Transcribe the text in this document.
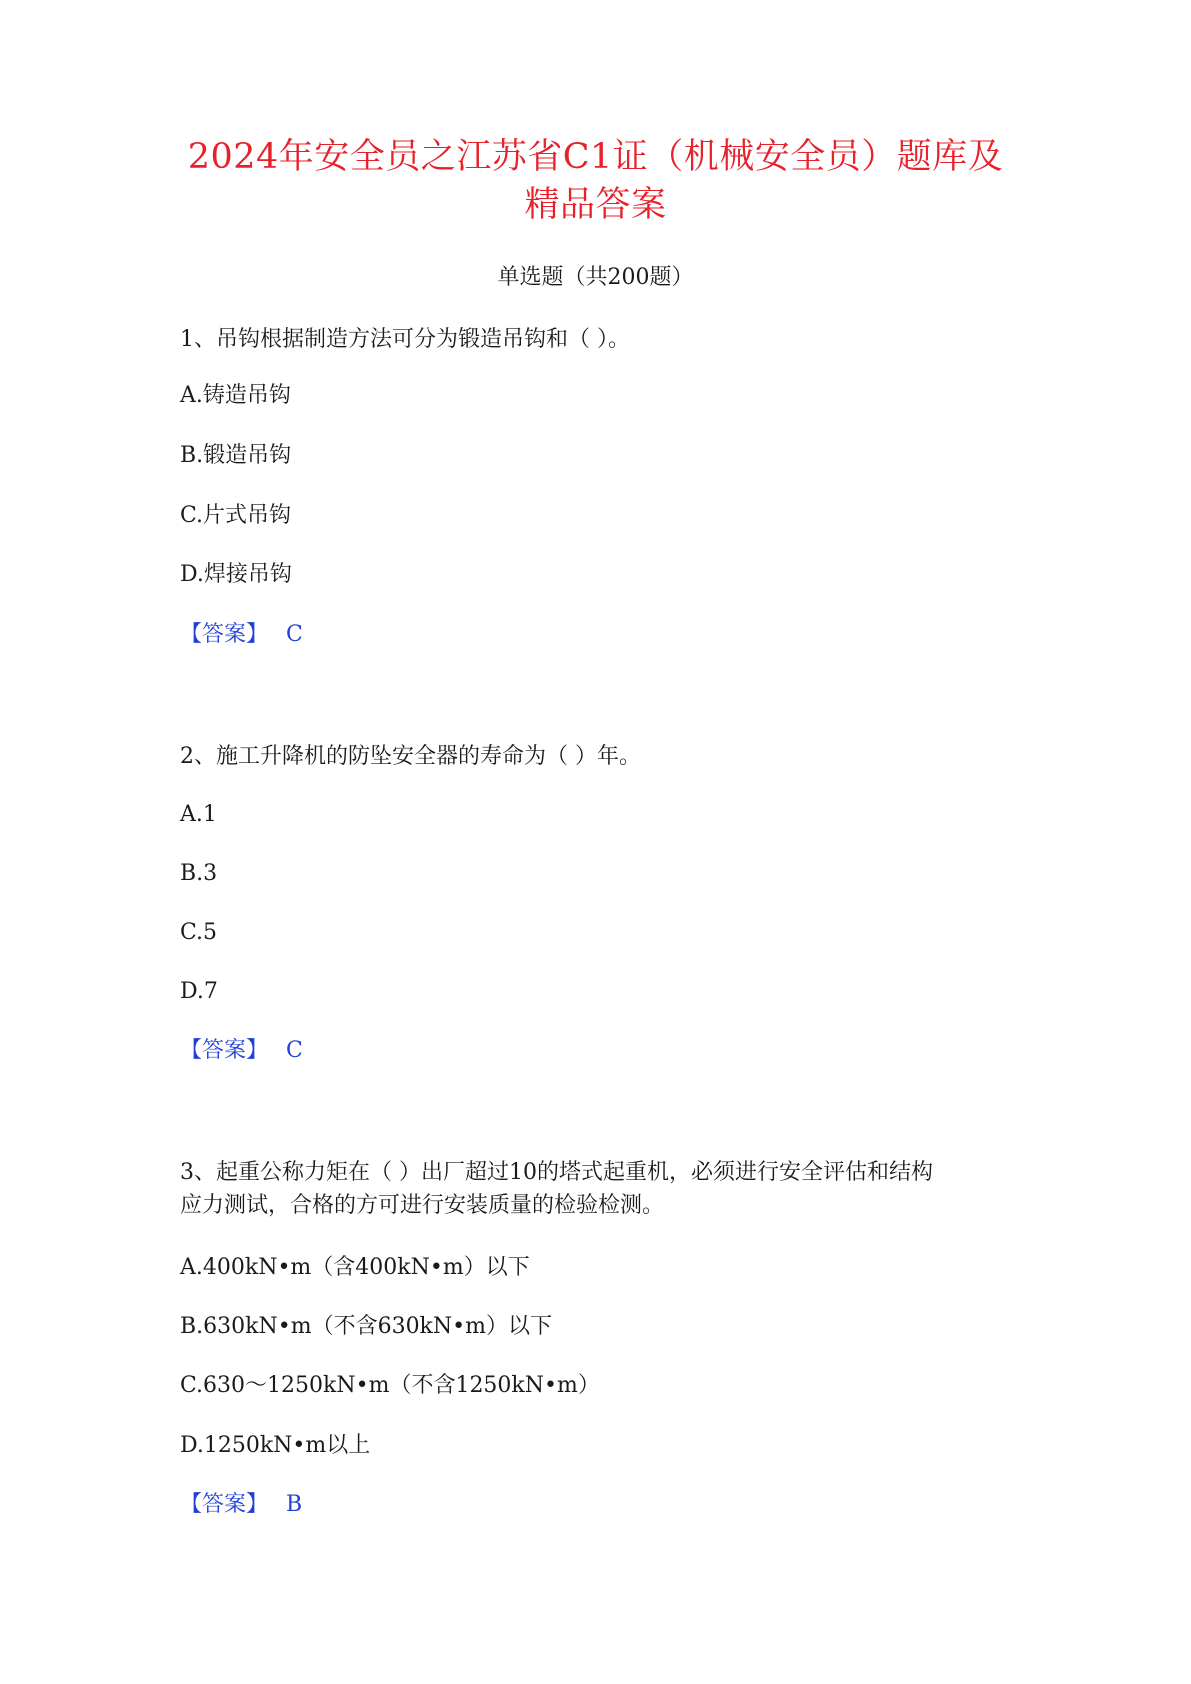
2024年安全员之江苏省C1证（机械安全员）题库及
精品答案
单选题（共200题）
1、吊钩根据制造方法可分为锻造吊钩和（ ）。
A.铸造吊钩
B.锻造吊钩
C.片式吊钩
D.焊接吊钩
【答案】 C
2、施工升降机的防坠安全器的寿命为（ ）年。
A.1
B.3
C.5
D.7
【答案】 C
3、起重公称力矩在（ ）出厂超过10的塔式起重机，必须进行安全评估和结构
应力测试，合格的方可进行安装质量的检验检测。
A.400kN•m（含400kN•m）以下
B.630kN•m（不含630kN•m）以下
C.630～1250kN•m（不含1250kN•m）
D.1250kN•m以上
【答案】 B
